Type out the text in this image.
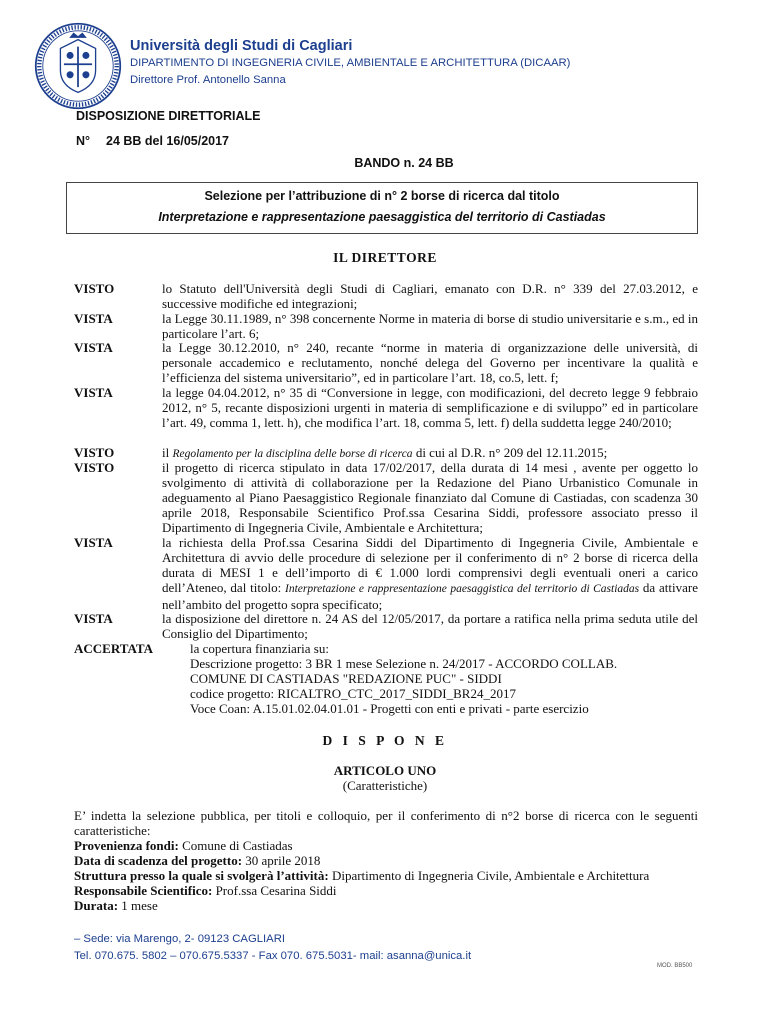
Università degli Studi di Cagliari
DIPARTIMENTO DI INGEGNERIA CIVILE, AMBIENTALE E ARCHITETTURA (DICAAR)
Direttore Prof. Antonello Sanna
DISPOSIZIONE DIRETTORIALE
N° 24 BB del 16/05/2017
BANDO n. 24 BB
Selezione per l’attribuzione di n° 2 borse di ricerca dal titolo
Interpretazione e rappresentazione paesaggistica del territorio di Castiadas
IL DIRETTORE
VISTO	lo Statuto dell'Università degli Studi di Cagliari, emanato con D.R. n° 339 del 27.03.2012, e successive modifiche ed integrazioni;
VISTA	la Legge 30.11.1989, n° 398 concernente Norme in materia di borse di studio universitarie e s.m., ed in particolare l’art. 6;
VISTA	la Legge 30.12.2010, n° 240, recante “norme in materia di organizzazione delle università, di personale accademico e reclutamento, nonché delega del Governo per incentivare la qualità e l’efficienza del sistema universitario”, ed in particolare l’art. 18, co.5, lett. f;
VISTA	la legge 04.04.2012, n° 35 di “Conversione in legge, con modificazioni, del decreto legge 9 febbraio 2012, n° 5, recante disposizioni urgenti in materia di semplificazione e di sviluppo” ed in particolare l’art. 49, comma 1, lett. h), che modifica l’art. 18, comma 5, lett. f) della suddetta legge 240/2010;
VISTO	il Regolamento per la disciplina delle borse di ricerca di cui al D.R. n° 209 del 12.11.2015;
VISTO	il progetto di ricerca stipulato in data 17/02/2017, della durata di 14 mesi , avente per oggetto lo svolgimento di attività di collaborazione per la Redazione del Piano Urbanistico Comunale in adeguamento al Piano Paesaggistico Regionale finanziato dal Comune di Castiadas, con scadenza 30 aprile 2018, Responsabile Scientifico Prof.ssa Cesarina Siddi, professore associato presso il Dipartimento di Ingegneria Civile, Ambientale e Architettura;
VISTA	la richiesta della Prof.ssa Cesarina Siddi del Dipartimento di Ingegneria Civile, Ambientale e Architettura di avvio delle procedure di selezione per il conferimento di n° 2 borse di ricerca della durata di MESI 1 e dell’importo di € 1.000 lordi comprensivi degli eventuali oneri a carico dell’Ateneo, dal titolo: Interpretazione e rappresentazione paesaggistica del territorio di Castiadas da attivare nell’ambito del progetto sopra specificato;
VISTA	la disposizione del direttore n. 24 AS del 12/05/2017, da portare a ratifica nella prima seduta utile del Consiglio del Dipartimento;
ACCERTATA	la copertura finanziaria su:
Descrizione progetto: 3 BR 1 mese Selezione n. 24/2017 - ACCORDO COLLAB.
COMUNE DI CASTIADAS "REDAZIONE PUC" - SIDDI
codice progetto: RICALTRO_CTC_2017_SIDDI_BR24_2017
Voce Coan: A.15.01.02.04.01.01 - Progetti con enti e privati - parte esercizio
D I S P O N E
ARTICOLO UNO
(Caratteristiche)
E’ indetta la selezione pubblica, per titoli e colloquio, per il conferimento di n°2 borse di ricerca con le seguenti caratteristiche:
Provenienza fondi: Comune di Castiadas
Data di scadenza del progetto: 30 aprile 2018
Struttura presso la quale si svolgerà l’attività: Dipartimento di Ingegneria Civile, Ambientale e Architettura
Responsabile Scientifico: Prof.ssa Cesarina Siddi
Durata: 1 mese
– Sede: via Marengo, 2- 09123 CAGLIARI
Tel. 070.675. 5802 – 070.675.5337 - Fax 070. 675.5031- mail: asanna@unica.it
MOD. BB500
